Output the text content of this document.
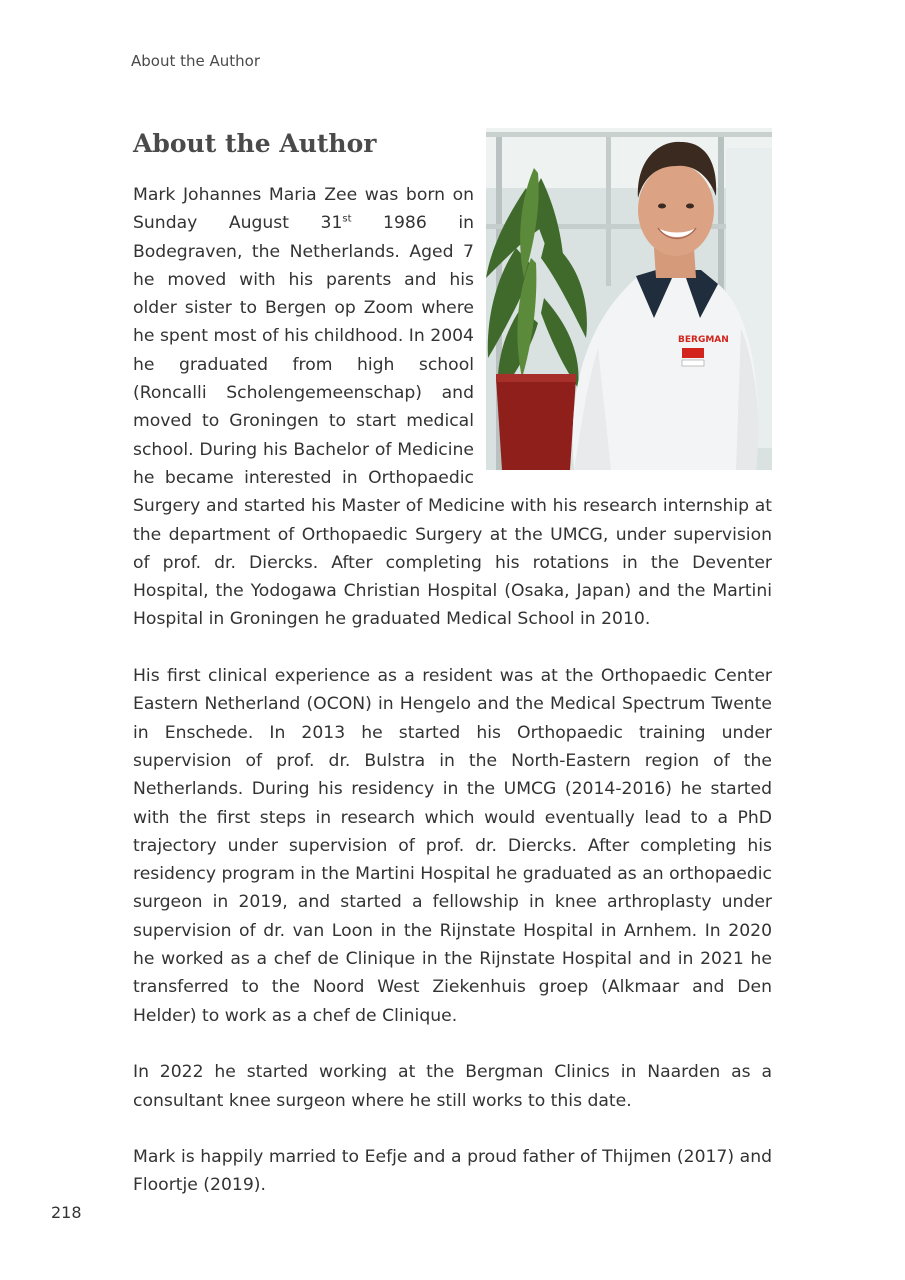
About the Author
BERGMAN
About the Author

Mark Johannes Maria Zee was born on Sunday August 31st 1986 in Bodegraven, the Netherlands. Aged 7 he moved with his parents and his older sister to Bergen op Zoom where he spent most of his childhood. In 2004 he graduated from high school (Roncalli Scholengemeenschap) and moved to Groningen to start medical school. During his Bachelor of Medicine he became interested in Orthopaedic Surgery and started his Master of Medicine with his research internship at the department of Orthopaedic Surgery at the UMCG, under supervision of prof. dr. Diercks. After completing his rotations in the Deventer Hospital, the Yodogawa Christian Hospital (Osaka, Japan) and the Martini Hospital in Groningen he graduated Medical School in 2010.

His first clinical experience as a resident was at the Orthopaedic Center Eastern Netherland (OCON) in Hengelo and the Medical Spectrum Twente in Enschede. In 2013 he started his Orthopaedic training under supervision of prof. dr. Bulstra in the North-Eastern region of the Netherlands. During his residency in the UMCG (2014-2016) he started with the first steps in research which would eventually lead to a PhD trajectory under supervision of prof. dr. Diercks. After completing his residency program in the Martini Hospital he graduated as an orthopaedic surgeon in 2019, and started a fellowship in knee arthroplasty under supervision of dr. van Loon in the Rijnstate Hospital in Arnhem. In 2020 he worked as a chef de Clinique in the Rijnstate Hospital and in 2021 he transferred to the Noord West Ziekenhuis groep (Alkmaar and Den Helder) to work as a chef de Clinique.

In 2022 he started working at the Bergman Clinics in Naarden as a consultant knee surgeon where he still works to this date.

Mark is happily married to Eefje and a proud father of Thijmen (2017) and Floortje (2019).

218
